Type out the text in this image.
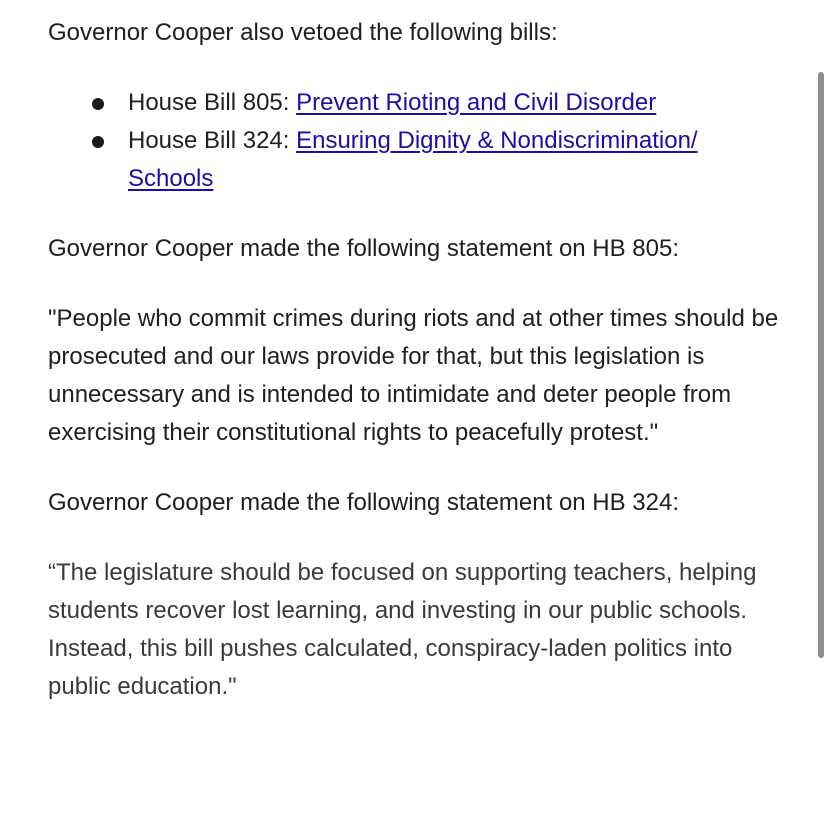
Governor Cooper also vetoed the following bills:

House Bill 805: Prevent Rioting and Civil Disorder
House Bill 324: Ensuring Dignity & Nondiscrimination/ Schools

Governor Cooper made the following statement on HB 805:

"People who commit crimes during riots and at other times should be prosecuted and our laws provide for that, but this legislation is unnecessary and is intended to intimidate and deter people from exercising their constitutional rights to peacefully protest."

Governor Cooper made the following statement on HB 324:

“The legislature should be focused on supporting teachers, helping students recover lost learning, and investing in our public schools. Instead, this bill pushes calculated, conspiracy-laden politics into public education."
